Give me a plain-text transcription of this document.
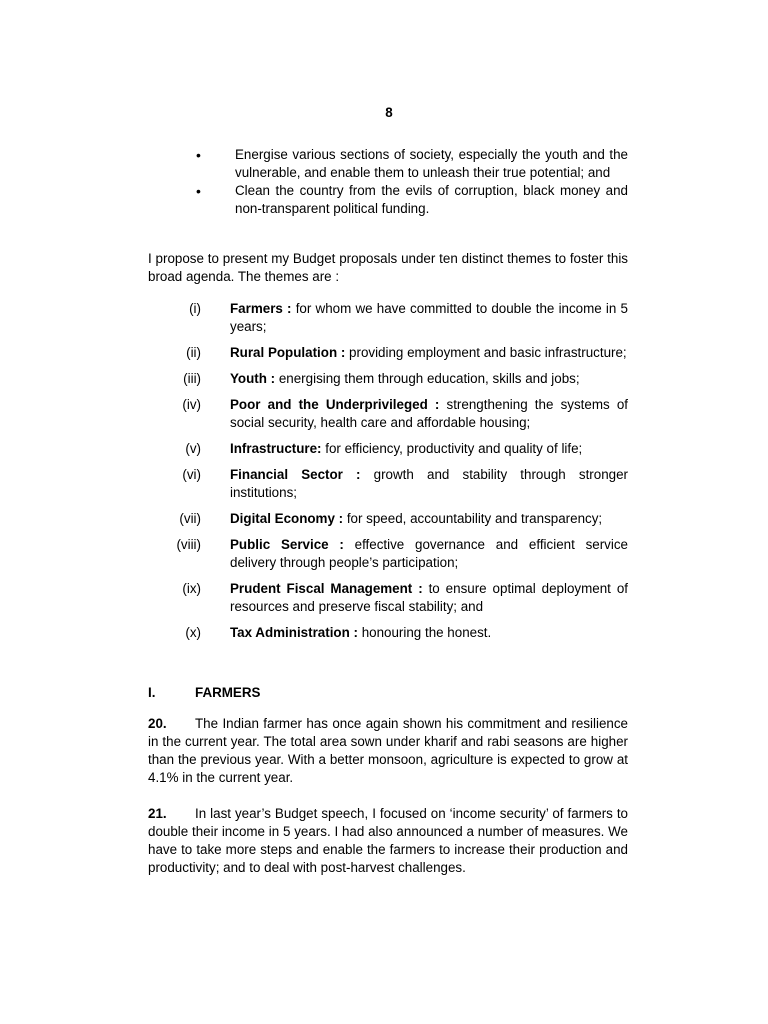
8
•	Energise various sections of society, especially the youth and the vulnerable, and enable them to unleash their true potential; and
•	Clean the country from the evils of corruption, black money and non-transparent political funding.
I propose to present my Budget proposals under ten distinct themes to foster this broad agenda. The themes are :
(i) Farmers : for whom we have committed to double the income in 5 years;
(ii) Rural Population : providing employment and basic infrastructure;
(iii) Youth : energising them through education, skills and jobs;
(iv) Poor and the Underprivileged : strengthening the systems of social security, health care and affordable housing;
(v) Infrastructure: for efficiency, productivity and quality of life;
(vi) Financial Sector : growth and stability through stronger institutions;
(vii) Digital Economy : for speed, accountability and transparency;
(viii) Public Service : effective governance and efficient service delivery through people’s participation;
(ix) Prudent Fiscal Management : to ensure optimal deployment of resources and preserve fiscal stability; and
(x) Tax Administration : honouring the honest.
I.	FARMERS
20. The Indian farmer has once again shown his commitment and resilience in the current year. The total area sown under kharif and rabi seasons are higher than the previous year. With a better monsoon, agriculture is expected to grow at 4.1% in the current year.
21. In last year’s Budget speech, I focused on ‘income security’ of farmers to double their income in 5 years. I had also announced a number of measures. We have to take more steps and enable the farmers to increase their production and productivity; and to deal with post-harvest challenges.
